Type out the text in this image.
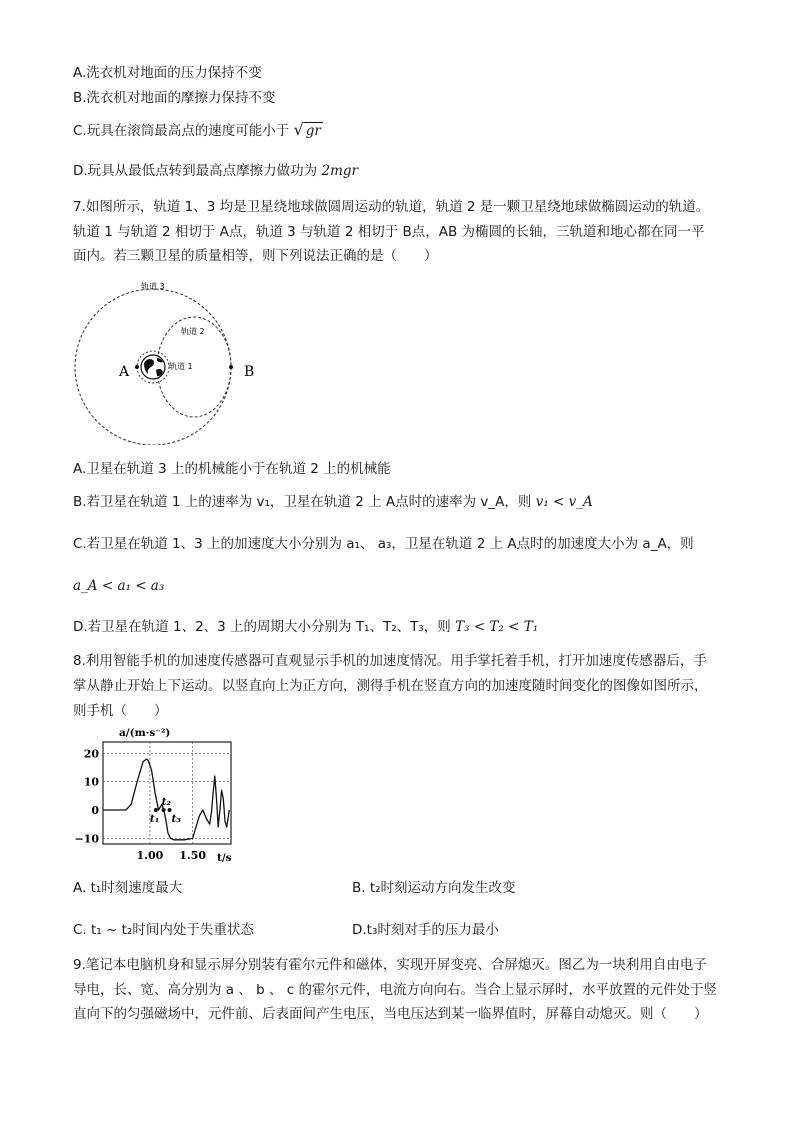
A.洗衣机对地面的压力保持不变
B.洗衣机对地面的摩擦力保持不变
C.玩具在滚筒最高点的速度可能小于 √ gr
D.玩具从最低点转到最高点摩擦力做功为 2mgr
7.如图所示，轨道 1、3 均是卫星绕地球做圆周运动的轨道，轨道 2 是一颗卫星绕地球做椭圆运动的轨道。
轨道 1 与轨道 2 相切于 A点，轨道 3 与轨道 2 相切于 B点，AB 为椭圆的长轴，三轨道和地心都在同一平
面内。若三颗卫星的质量相等，则下列说法正确的是（　　）
轨道 3
轨道 2
轨道 1
A	B
A.卫星在轨道 3 上的机械能小于在轨道 2 上的机械能
B.若卫星在轨道 1 上的速率为 v₁，卫星在轨道 2 上 A点时的速率为 v_A，则 v₁ < v_A
C.若卫星在轨道 1、3 上的加速度大小分别为 a₁、 a₃，卫星在轨道 2 上 A点时的加速度大小为 a_A，则
a_A < a₁ < a₃
D.若卫星在轨道 1、2、3 上的周期大小分别为 T₁、T₂、T₃，则 T₃ < T₂ < T₁
8.利用智能手机的加速度传感器可直观显示手机的加速度情况。用手掌托着手机，打开加速度传感器后，手
掌从静止开始上下运动。以竖直向上为正方向，测得手机在竖直方向的加速度随时间变化的图像如图所示，
则手机（　　）
a/(m·s⁻²)
t/s
20
10
0
−10
1.00 1.50
t₁
t₂
t₃
A. t₁时刻速度最大	B. t₂时刻运动方向发生改变
C. t₁ ~ t₂时间内处于失重状态	D.t₃时刻对手的压力最小
9.笔记本电脑机身和显示屏分别装有霍尔元件和磁体，实现开屏变亮、合屏熄灭。图乙为一块利用自由电子
导电，长、宽、高分别为 a 、 b 、 c 的霍尔元件，电流方向向右。当合上显示屏时，水平放置的元件处于竖
直向下的匀强磁场中，元件前、后表面间产生电压，当电压达到某一临界值时，屏幕自动熄灭。则（　　）
